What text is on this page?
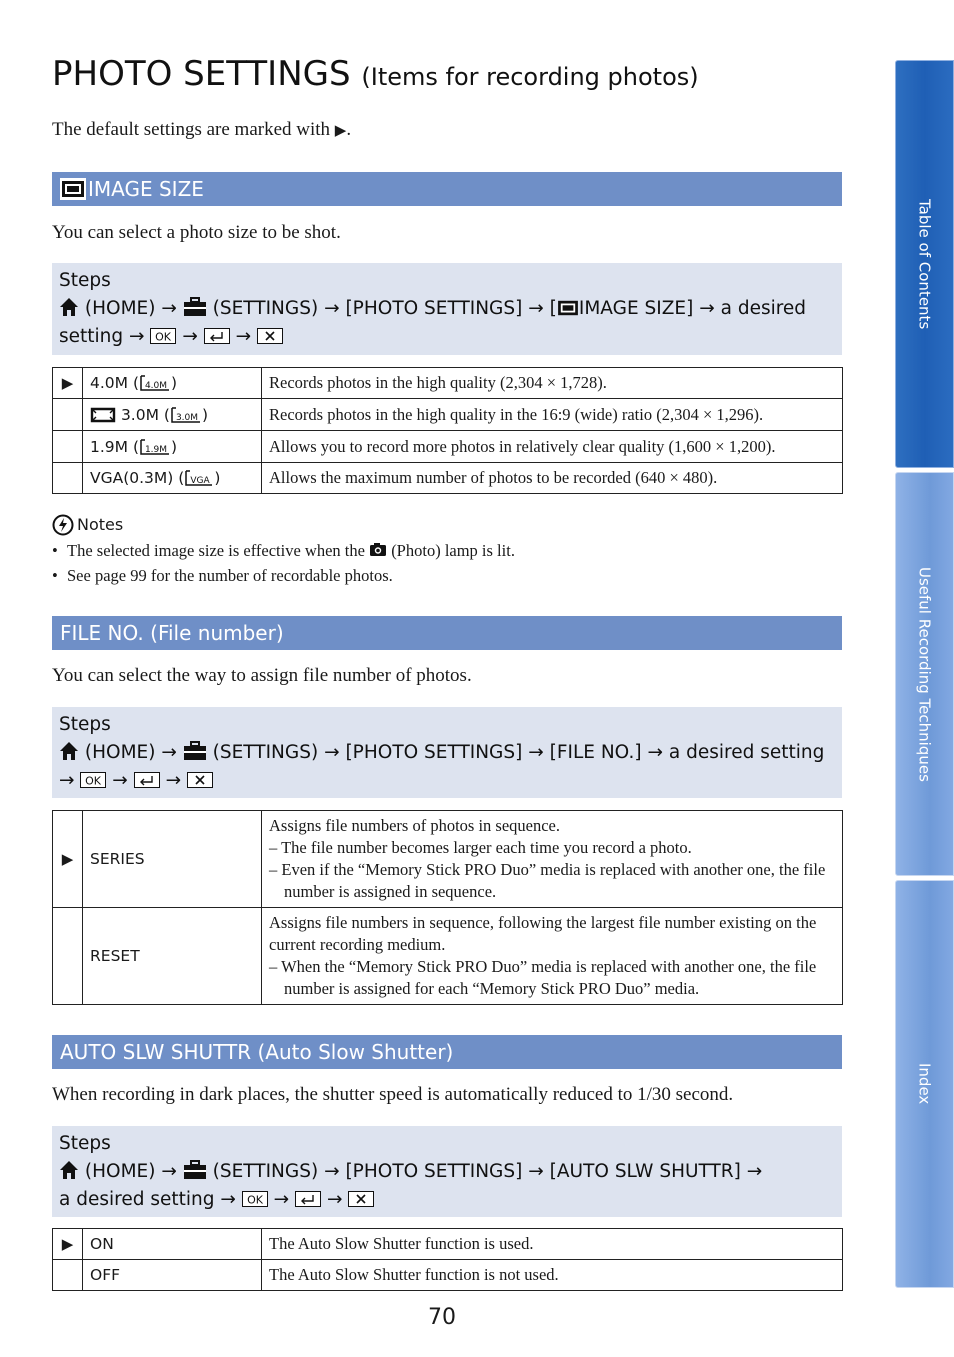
PHOTO SETTINGS (Items for recording photos)
The default settings are marked with ▶.
IMAGE SIZE
You can select a photo size to be shot.
Steps
(HOME) → (SETTINGS) → [PHOTO SETTINGS] → [ IMAGE SIZE] → a desired
setting → → →
▶	4.0M ( 4.0M )	Records photos in the high quality (2,304 × 1,728).
	3.0M ( 3.0M )	Records photos in the high quality in the 16:9 (wide) ratio (2,304 × 1,296).
	1.9M ( 1.9M )	Allows you to record more photos in relatively clear quality (1,600 × 1,200).
	VGA(0.3M) ( VGA )	Allows the maximum number of photos to be recorded (640 × 480).
Notes
• The selected image size is effective when the (Photo) lamp is lit.
• See page 99 for the number of recordable photos.
FILE NO. (File number)
You can select the way to assign file number of photos.
Steps
(HOME) → (SETTINGS) → [PHOTO SETTINGS] → [FILE NO.] → a desired setting
→ → →
▶	SERIES	Assigns file numbers of photos in sequence.
– The file number becomes larger each time you record a photo.
– Even if the “Memory Stick PRO Duo” media is replaced with another one, the file number is assigned in sequence.

	RESET	Assigns file numbers in sequence, following the largest file number existing on the current recording medium.
– When the “Memory Stick PRO Duo” media is replaced with another one, the file number is assigned for each “Memory Stick PRO Duo” media.
AUTO SLW SHUTTR (Auto Slow Shutter)
When recording in dark places, the shutter speed is automatically reduced to 1/30 second.
Steps
(HOME) → (SETTINGS) → [PHOTO SETTINGS] → [AUTO SLW SHUTTR] →
a desired setting → → →
▶	ON	The Auto Slow Shutter function is used.
	OFF	The Auto Slow Shutter function is not used.
70
Table of Contents
Useful Recording Techniques
Index
